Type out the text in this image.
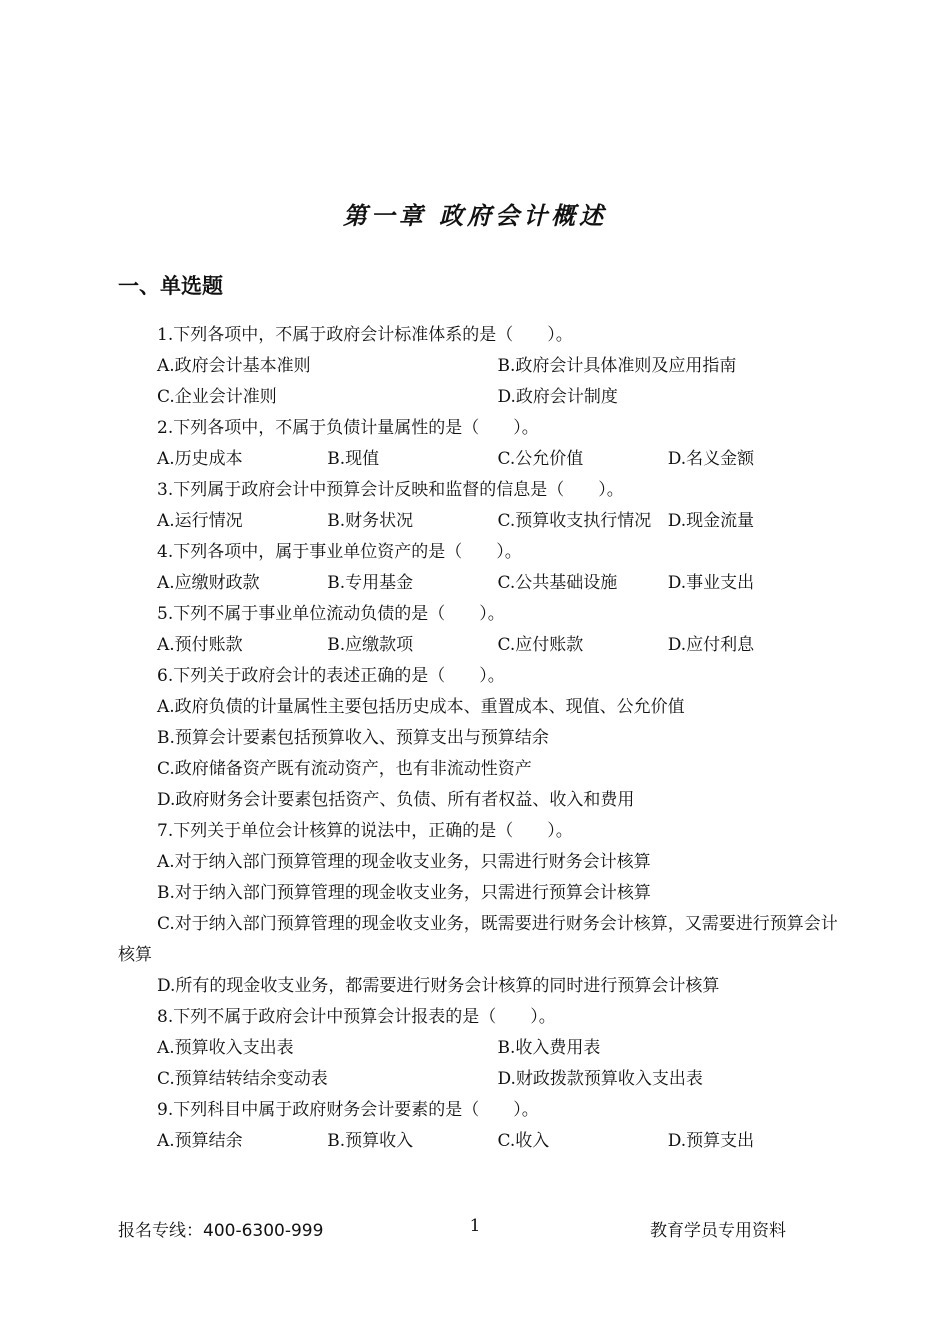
第一章 政府会计概述
一、单选题
1.下列各项中，不属于政府会计标准体系的是（　　）。
A.政府会计基本准则	B.政府会计具体准则及应用指南
C.企业会计准则	D.政府会计制度
2.下列各项中，不属于负债计量属性的是（　　）。
A.历史成本	B.现值	C.公允价值	D.名义金额
3.下列属于政府会计中预算会计反映和监督的信息是（　　）。
A.运行情况	B.财务状况	C.预算收支执行情况 D.现金流量
4.下列各项中，属于事业单位资产的是（　　）。
A.应缴财政款	B.专用基金	C.公共基础设施	D.事业支出
5.下列不属于事业单位流动负债的是（　　）。
A.预付账款	B.应缴款项	C.应付账款	D.应付利息
6.下列关于政府会计的表述正确的是（　　）。
A.政府负债的计量属性主要包括历史成本、重置成本、现值、公允价值
B.预算会计要素包括预算收入、预算支出与预算结余
C.政府储备资产既有流动资产，也有非流动性资产
D.政府财务会计要素包括资产、负债、所有者权益、收入和费用
7.下列关于单位会计核算的说法中，正确的是（　　）。
A.对于纳入部门预算管理的现金收支业务，只需进行财务会计核算
B.对于纳入部门预算管理的现金收支业务，只需进行预算会计核算
C.对于纳入部门预算管理的现金收支业务，既需要进行财务会计核算，又需要进行预算会计核算
D.所有的现金收支业务，都需要进行财务会计核算的同时进行预算会计核算
8.下列不属于政府会计中预算会计报表的是（　　）。
A.预算收入支出表	B.收入费用表
C.预算结转结余变动表	D.财政拨款预算收入支出表
9.下列科目中属于政府财务会计要素的是（　　）。
A.预算结余	B.预算收入	C.收入	D.预算支出
报名专线：400-6300-999	1	教育学员专用资料
